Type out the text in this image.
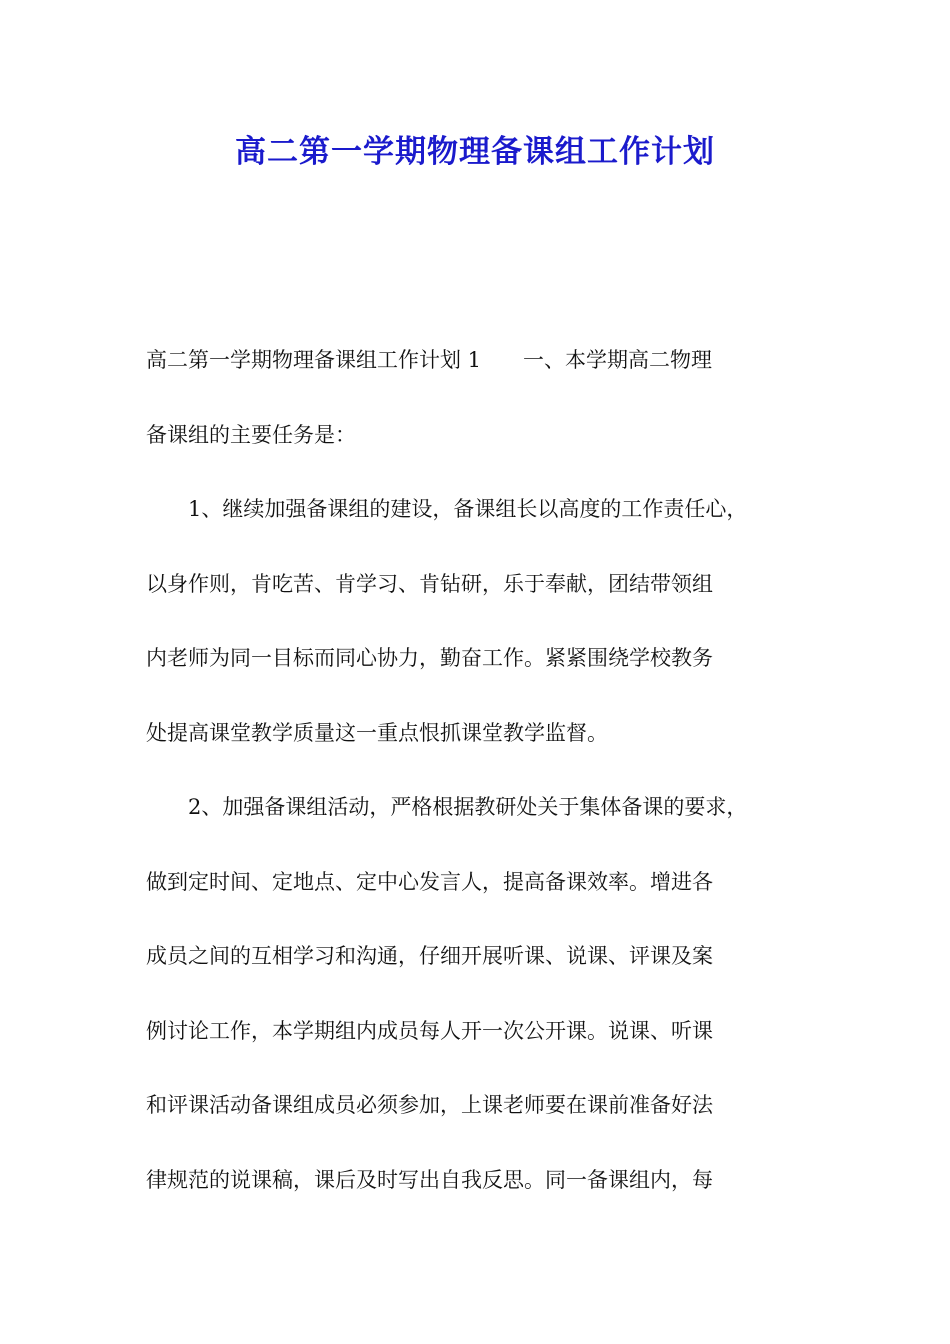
高二第一学期物理备课组工作计划
高二第一学期物理备课组工作计划 1　　一、本学期高二物理
备课组的主要任务是：
　　1、继续加强备课组的建设，备课组长以高度的工作责任心，
以身作则，肯吃苦、肯学习、肯钻研，乐于奉献，团结带领组
内老师为同一目标而同心协力，勤奋工作。紧紧围绕学校教务
处提高课堂教学质量这一重点恨抓课堂教学监督。
　　2、加强备课组活动，严格根据教研处关于集体备课的要求，
做到定时间、定地点、定中心发言人，提高备课效率。增进各
成员之间的互相学习和沟通，仔细开展听课、说课、评课及案
例讨论工作，本学期组内成员每人开一次公开课。说课、听课
和评课活动备课组成员必须参加，上课老师要在课前准备好法
律规范的说课稿，课后及时写出自我反思。同一备课组内，每
